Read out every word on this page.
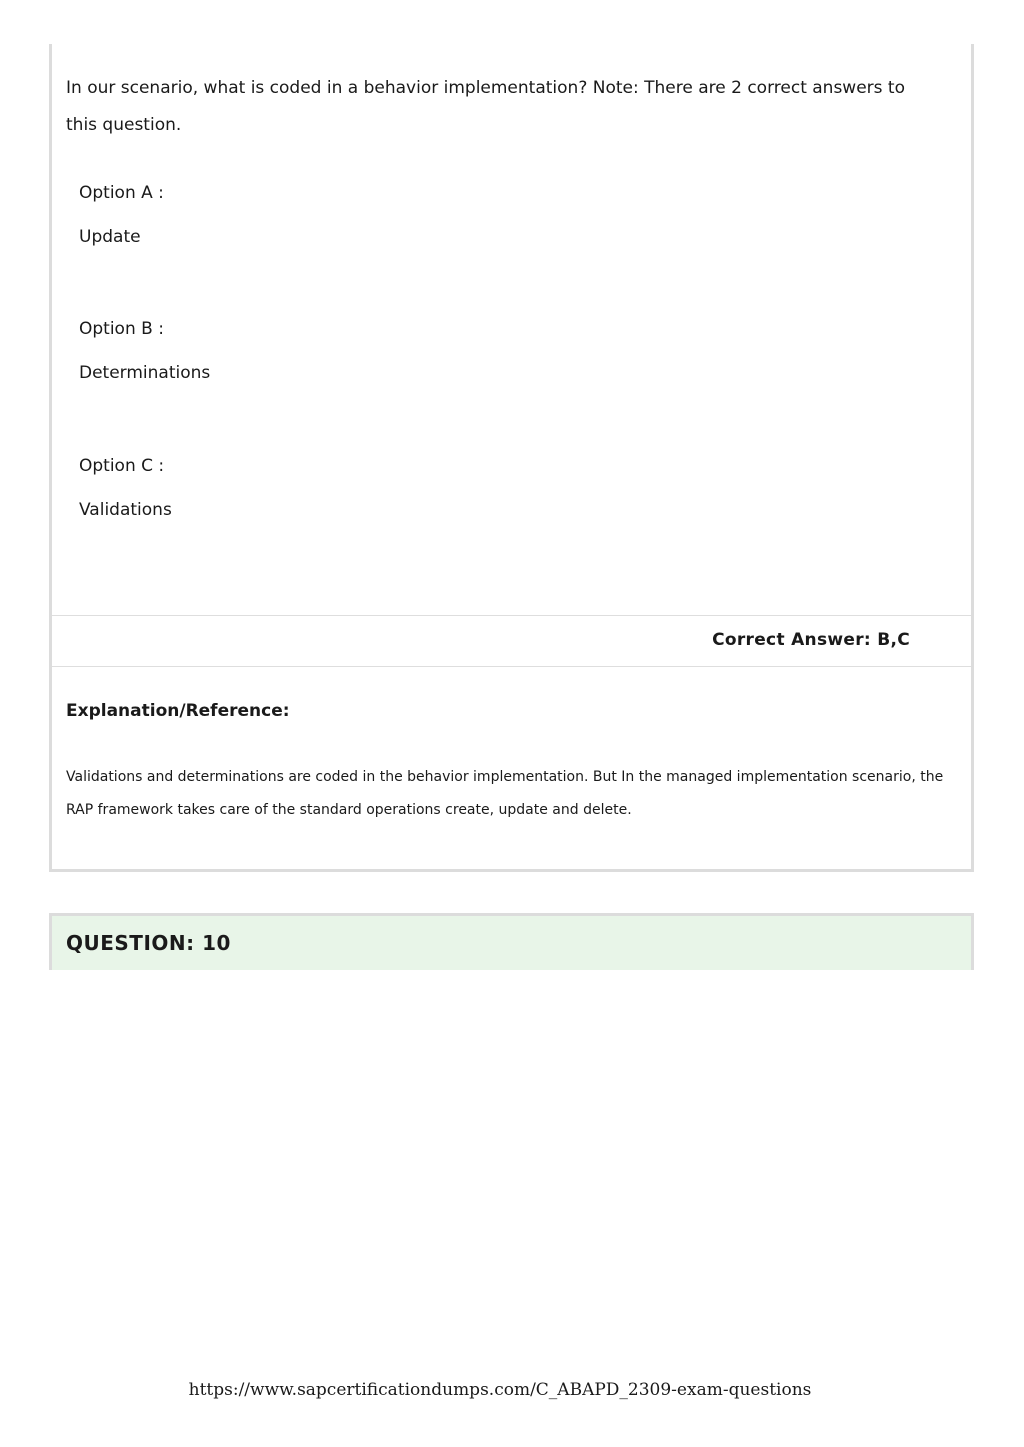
In our scenario, what is coded in a behavior implementation? Note: There are 2 correct answers to this question.

Option A :

Update

Option B :

Determinations

Option C :

Validations

Correct Answer: B,C

Explanation/Reference:

Validations and determinations are coded in the behavior implementation. But In the managed implementation scenario, the RAP framework takes care of the standard operations create, update and delete.

QUESTION: 10

https://www.sapcertificationdumps.com/C_ABAPD_2309-exam-questions
